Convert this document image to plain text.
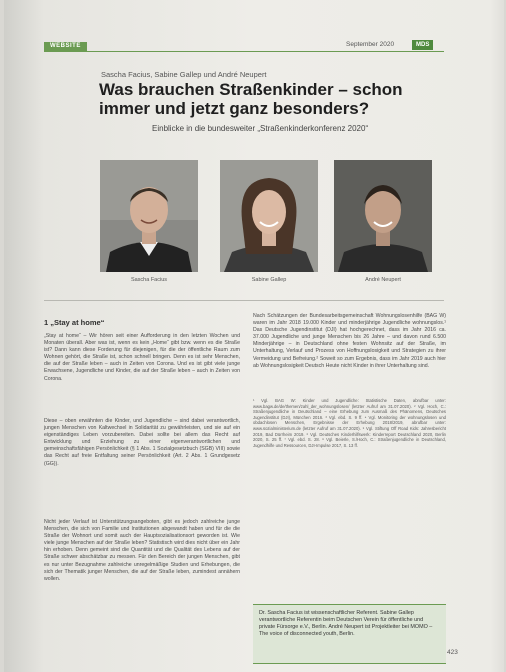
WEBSITE	September 2020	MDS
Sascha Facius, Sabine Gallep und André Neupert
Was brauchen Straßenkinder – schon immer und jetzt ganz besonders?
Einblicke in die bundesweiter „Straßenkinderkonferenz 2020“
Sascha Facius	Sabine Gallep	André Neupert
1 „Stay at home“
„Stay at home“ – Wir hören seit einer Aufforderung in den letzten Wochen und Monaten überall. Aber was ist, wenn es kein „Home“ gibt bzw. wenn es die Straße ist? Dann kann diese Forderung für diejenigen, für die der öffentliche Raum zum Wohnen gehört, die Straße ist, schon schnell bringen. Denn es ist sehr Menschen, die auf der Straße leben – auch in Zeiten von Corona. Und es ist gibt viele junge Erwachsene, Jugendliche und Kinder, die auf der Straße leben – auch in Zeiten von Corona.
Diese – oben erwähnten die Kinder, und Jugendliche – sind dabei verantwortlich, jungen Menschen von Kaltwechsel in Solidarität zu gewährleisten, und sie auf ein eigenständiges Leben vorzubereiten. Dabei sollte bei allem das Recht auf Entwicklung und Erziehung zu einer eigenverantwortlichen und gemeinschaftsfähigen Persönlichkeit (§ 1 Abs. 1 Sozialgesetzbuch (SGB) VIII) sowie das Recht auf freie Entfaltung seiner Persönlichkeit (Art. 2 Abs. 1 Grundgesetz (GG)).
Nicht jeder Verlauf ist Unterstützungsangeboten, gibt es jedoch zahlreiche junge Menschen, die sich von Familie und Institutionen abgewandt haben und für die die Straße der Wohnort und somit auch der Hauptsozialisationsort geworden ist. Wie viele junge Menschen auf der Straße leben? Statistisch wird dies nicht über ein Jahr hin erhoben. Denn gemeint sind die Quantität und die Qualität des Lebens auf der Straße schwer abschätzbar zu messen. Für den Bereich der jungen Menschen, gibt es nur unter Bezugnahme zahlreiche unregelmäßige Studien und Erhebungen, die sich der Thematik junger Menschen, die auf der Straße leben, zumindest annähern wollen.
Nach Schätzungen der Bundesarbeitsgemeinschaft Wohnungslosenhilfe (BAG W) waren im Jahr 2018 19.000 Kinder und minderjährige Jugendliche wohnungslos.¹ Das Deutsche Jugendinstitut (DJI) hat hochgerechnet, dass im Jahr 2016 ca. 37.000 Jugendliche und junge Menschen bis 26 Jahre – und davon rund 6.500 Minderjährige – in Deutschland ohne festen Wohnsitz auf der Straße, im Unterhaltung, Verlauf und Prozess von Hoffnungslosigkeit und Strategien zu ihrer Vermeidung und Befreiung.² Soweit so zum Ergebnis, dass im Jahr 2019 auch hier ab Wohnungslosigkeit Deutsch Heute nicht Kinder in ihrer Unterhaltung sind.
¹ Vgl. BAG W: Kinder und Jugendliche: Statistische Daten, abrufbar unter: www.bagw.de/de/themen/zahl_der_wohnungslosen/ (letzter Aufruf am 31.07.2020). ² Vgl. Hoch, C.: Straßenjugendliche in Deutschland – eine Erhebung zum Ausmaß des Phänomens, Deutsches Jugendinstitut (DJI), München 2016. ³ Vgl. ebd. S. 9 ff. ⁴ Vgl. Monitoring der wohnungslosen und obdachlosen Menschen, Ergebnisse der Erhebung 2018/2019, abrufbar unter: www.sozialministerium.de (letzter Aufruf am 31.07.2020). ⁵ Vgl. Stiftung Off Road Kids: Jahresbericht 2019, Bad Dürrheim 2019. ⁶ Vgl. Deutsches Kinderhilfswerk: Kinderreport Deutschland 2020, Berlin 2020, S. 25 ff. ⁷ Vgl. ebd. S. 28. ⁸ Vgl. Beierle, S./Hoch, C.: Straßenjugendliche in Deutschland, Jugendhilfe und Ressourcen, DJI-Impulse 2017, S. 13 ff.
Dr. Sascha Facius ist wissenschaftlicher Referent. Sabine Gallep verantwortliche Referentin beim Deutschen Verein für öffentliche und private Fürsorge e.V., Berlin. André Neupert ist Projektleiter bei MOMO – The voice of disconnected youth, Berlin.
423
